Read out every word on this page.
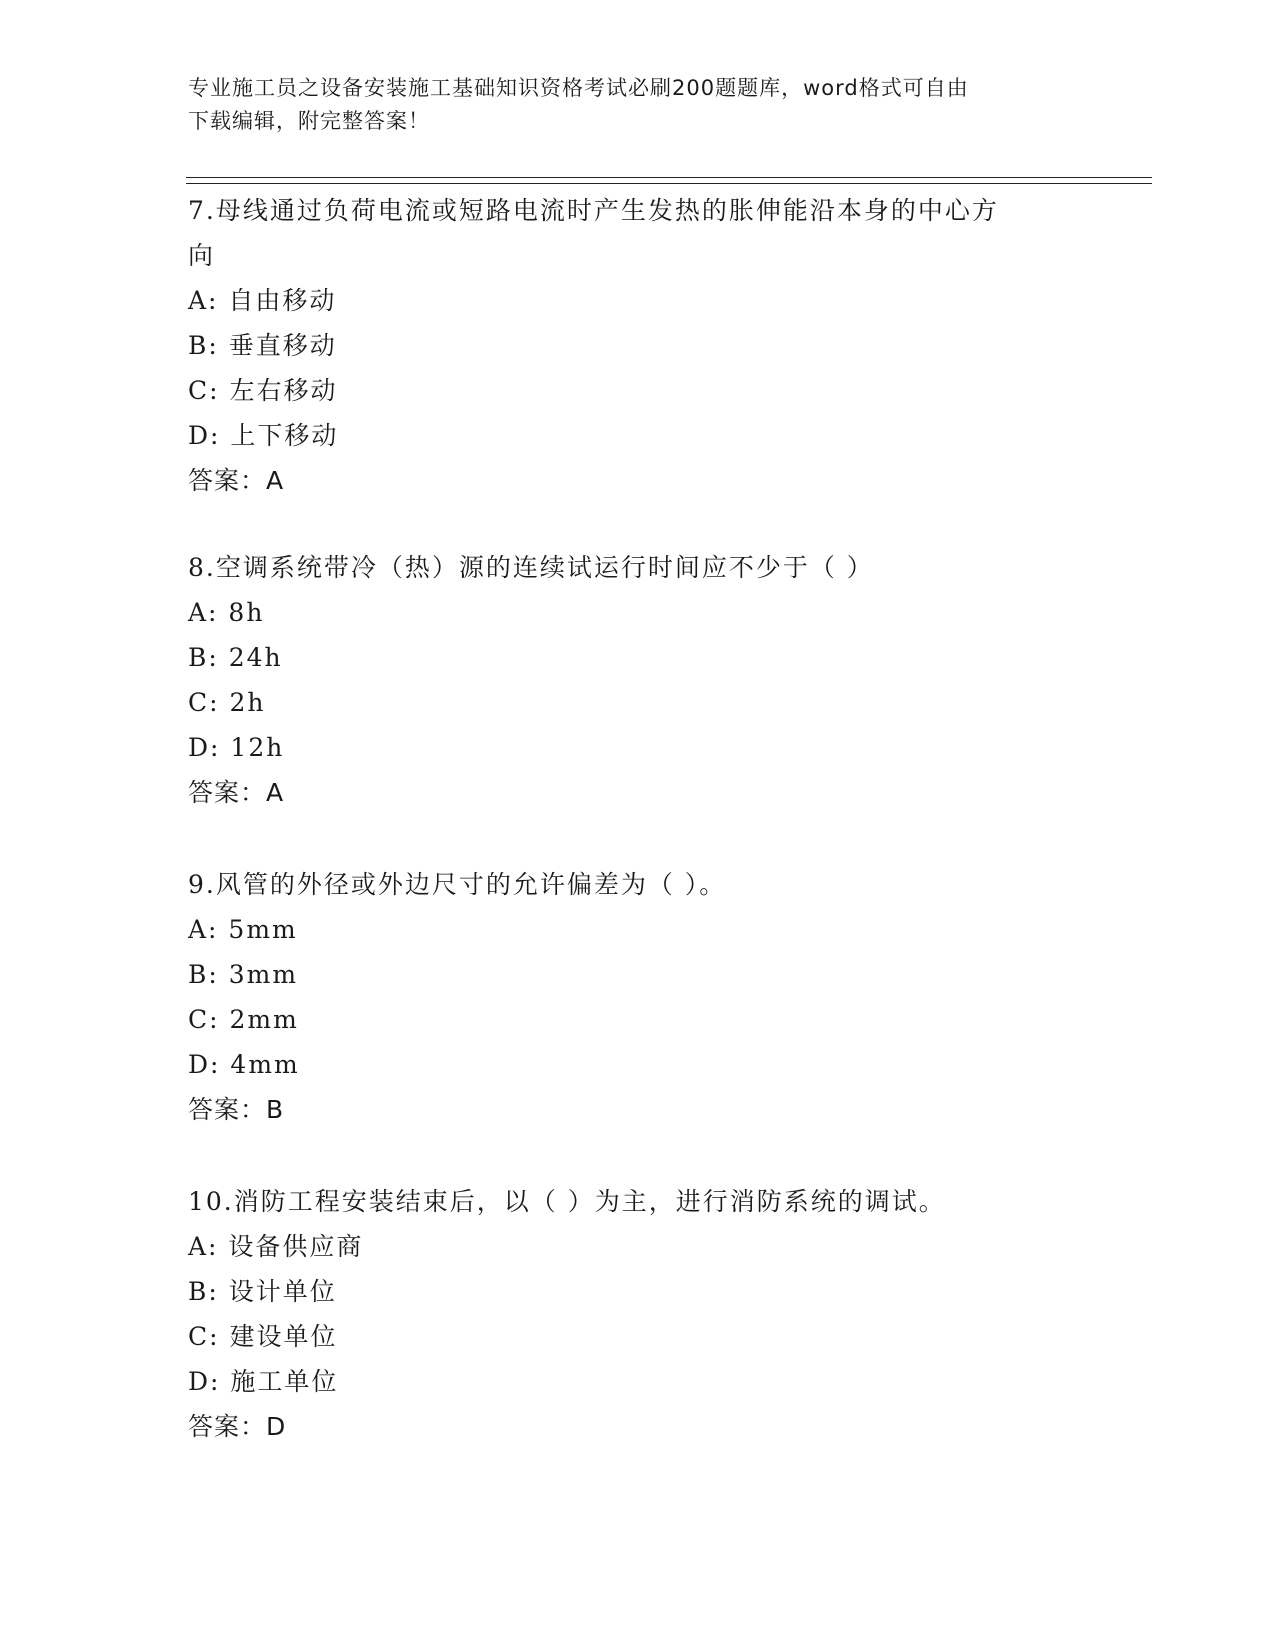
专业施工员之设备安装施工基础知识资格考试必刷200题题库，word格式可自由
下载编辑，附完整答案！
7.母线通过负荷电流或短路电流时产生发热的胀伸能沿本身的中心方
向
A: 自由移动
B: 垂直移动
C: 左右移动
D: 上下移动
答案：A
8.空调系统带冷（热）源的连续试运行时间应不少于（ ）
A: 8h
B: 24h
C: 2h
D: 12h
答案：A
9.风管的外径或外边尺寸的允许偏差为（ ）。
A: 5mm
B: 3mm
C: 2mm
D: 4mm
答案：B
10.消防工程安装结束后，以（ ）为主，进行消防系统的调试。
A: 设备供应商
B: 设计单位
C: 建设单位
D: 施工单位
答案：D
